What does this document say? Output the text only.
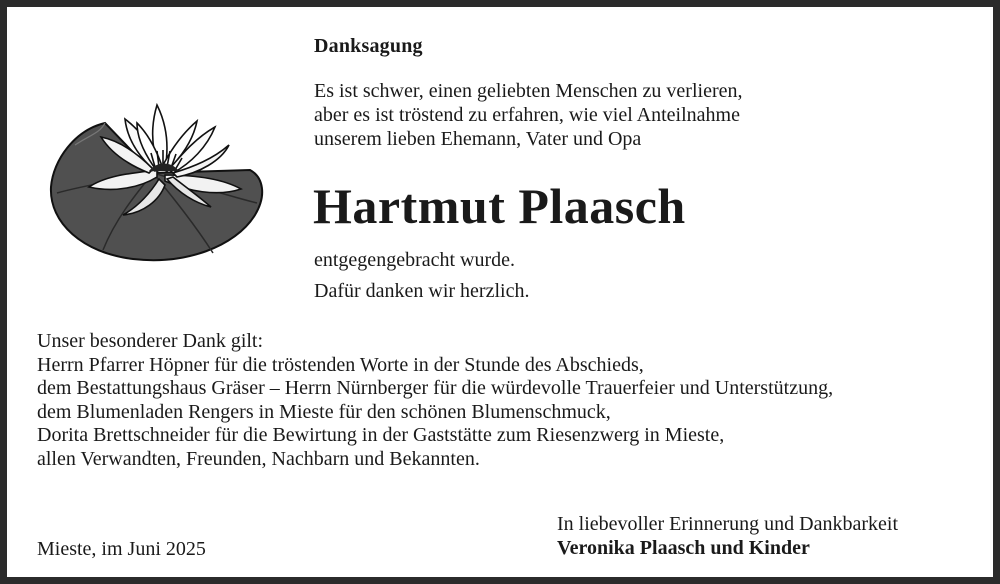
Danksagung
Es ist schwer, einen geliebten Menschen zu verlieren,
aber es ist tröstend zu erfahren, wie viel Anteilnahme
unserem lieben Ehemann, Vater und Opa
Hartmut Plaasch
entgegengebracht wurde.
Dafür danken wir herzlich.
Unser besonderer Dank gilt:
Herrn Pfarrer Höpner für die tröstenden Worte in der Stunde des Abschieds,
dem Bestattungshaus Gräser – Herrn Nürnberger für die würdevolle Trauerfeier und Unterstützung,
dem Blumenladen Rengers in Mieste für den schönen Blumenschmuck,
Dorita Brettschneider für die Bewirtung in der Gaststätte zum Riesenzwerg in Mieste,
allen Verwandten, Freunden, Nachbarn und Bekannten.
Mieste, im Juni 2025
In liebevoller Erinnerung und Dankbarkeit
Veronika Plaasch und Kinder
